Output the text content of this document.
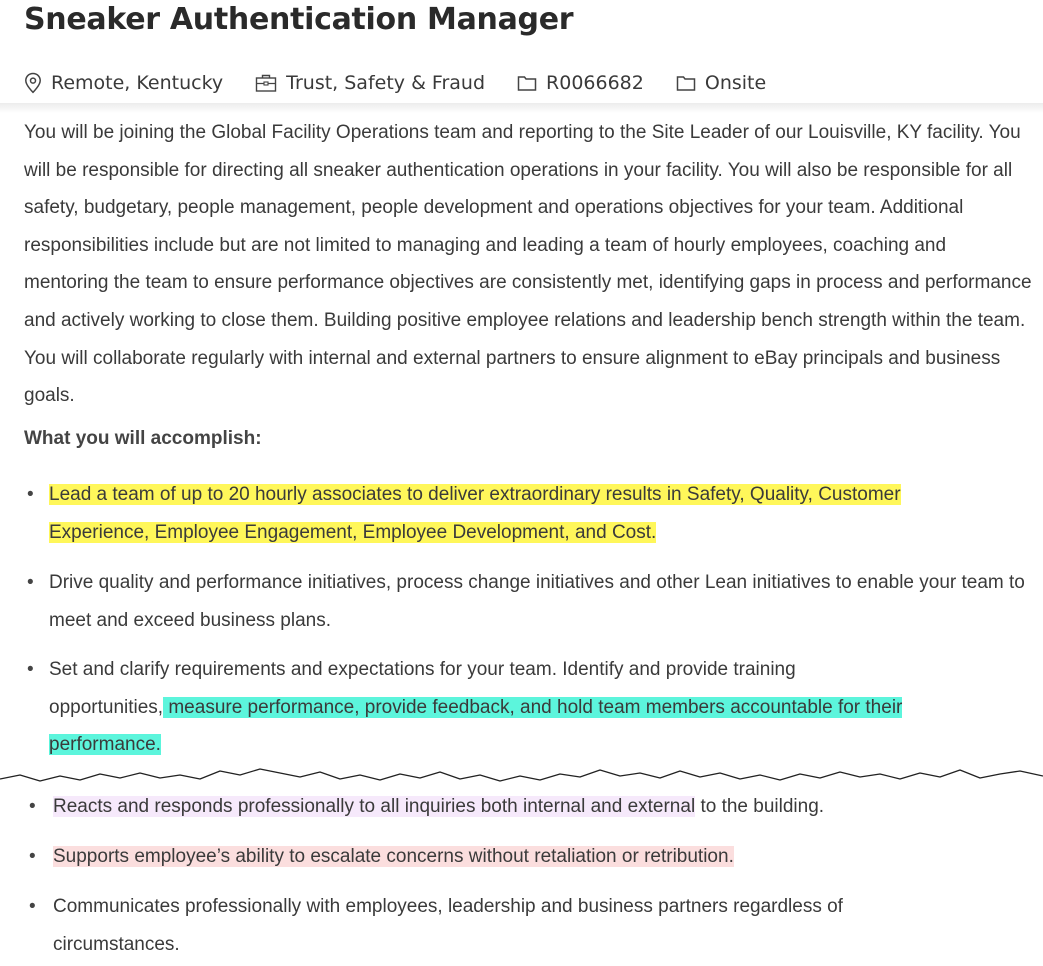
Sneaker Authentication Manager
Remote, Kentucky	Trust, Safety & Fraud	R0066682	Onsite

You will be joining the Global Facility Operations team and reporting to the Site Leader of our Louisville, KY facility. You will be responsible for directing all sneaker authentication operations in your facility. You will also be responsible for all safety, budgetary, people management, people development and operations objectives for your team. Additional responsibilities include but are not limited to managing and leading a team of hourly employees, coaching and mentoring the team to ensure performance objectives are consistently met, identifying gaps in process and performance and actively working to close them. Building positive employee relations and leadership bench strength within the team. You will collaborate regularly with internal and external partners to ensure alignment to eBay principals and business goals.

What you will accomplish:
• Lead a team of up to 20 hourly associates to deliver extraordinary results in Safety, Quality, Customer
Experience, Employee Engagement, Employee Development, and Cost.
• Drive quality and performance initiatives, process change initiatives and other Lean initiatives to enable your team to meet and exceed business plans.
• Set and clarify requirements and expectations for your team. Identify and provide training
opportunities, measure performance, provide feedback, and hold team members accountable for their
performance.
• Reacts and responds professionally to all inquiries both internal and external to the building.
• Supports employee’s ability to escalate concerns without retaliation or retribution.
• Communicates professionally with employees, leadership and business partners regardless of circumstances.
